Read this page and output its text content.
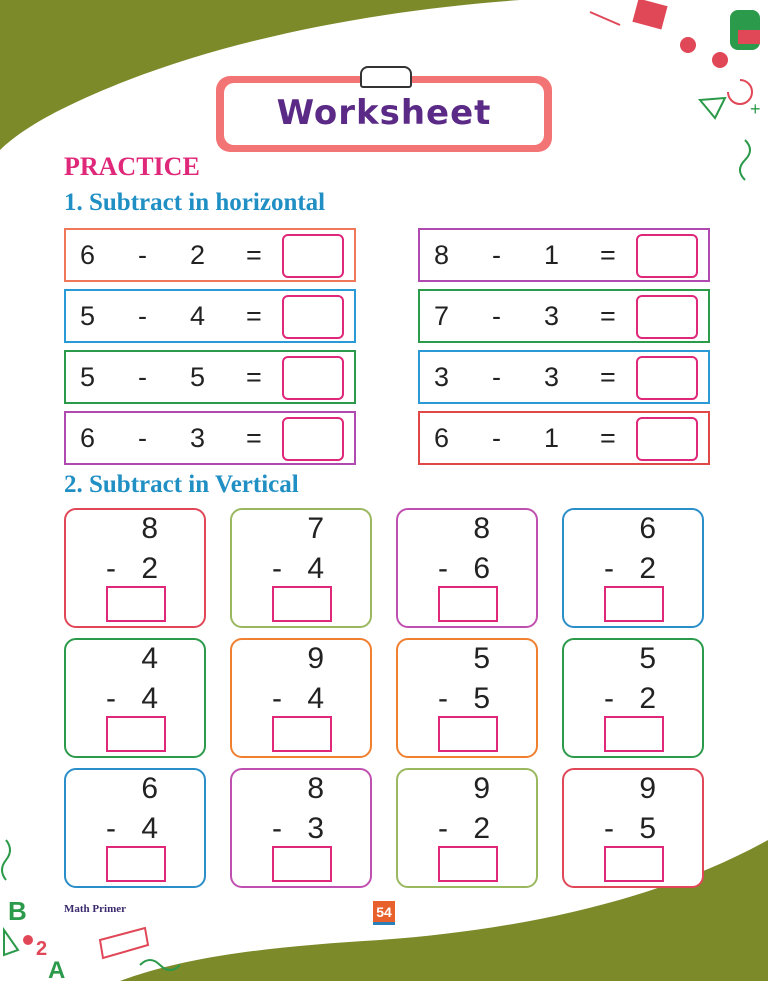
+
B
2
A
Worksheet
PRACTICE
1. Subtract in horizontal
6 - 2 =	8 - 1 =
5 - 4 =	7 - 3 =
5 - 5 =	3 - 3 =
6 - 3 =	6 - 1 =
2. Subtract in Vertical
8
- 2
7
- 4
8
- 6
6
- 2
4
- 4
9
- 4
5
- 5
5
- 2
6
- 4
8
- 3
9
- 2
9
- 5
Math Primer	54
